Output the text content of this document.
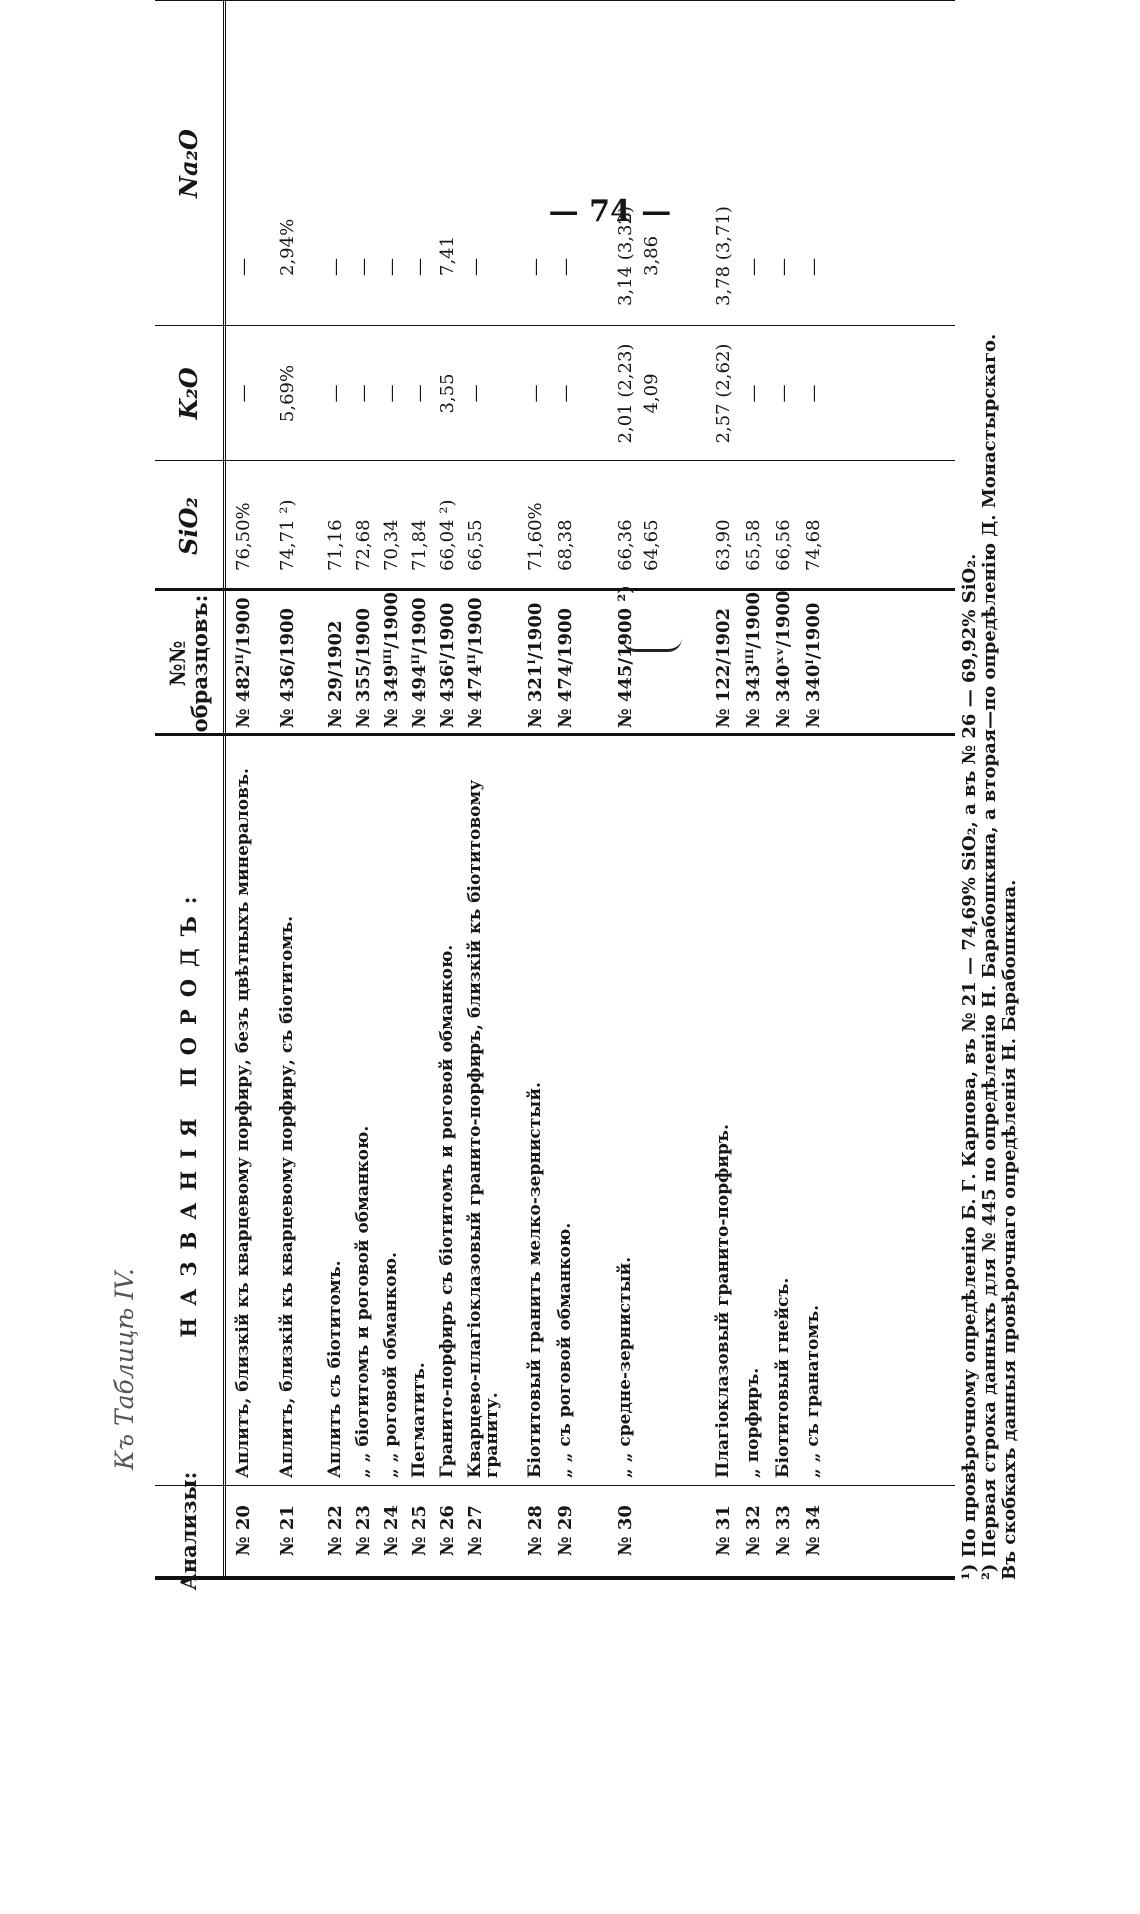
— 74 —
Къ Таблицѣ IV.
Анализы:
НАЗВАНІЯ ПОРОДЪ:
№№
образцовъ:
SiO₂
K₂O
Na₂O
№ 20
Аплитъ, близкій къ кварцевому порфиру, безъ цвѣтныхъ минераловъ.
№ 482ᴵᴵ/1900
76,50%
—
—
№ 21
Аплитъ, близкій къ кварцевому порфиру, съ біотитомъ.
№ 436/1900
74,71 ²)
5,69%
2,94%
№ 22
Аплитъ съ біотитомъ.
№ 29/1902
71,16
—
—
№ 23
„ „ біотитомъ и роговой обманкою.
№ 355/1900
72,68
—
—
№ 24
„ „ роговой обманкою.
№ 349ᴵᴵᴵ/1900
70,34
—
—
№ 25
Пегматитъ.
№ 494ᴵᴵ/1900
71,84
—
—
№ 26
Гранито-порфиръ съ біотитомъ и роговой обманкою.
№ 436ᴵ/1900
66,04 ²)
3,55
7,41
№ 27
Кварцево-плагіоклазовый гранито-порфиръ, близкій къ біотитовому граниту.
№ 474ᴵᴵ/1900
66,55
—
—
№ 28
Біотитовый гранитъ мелко-зернистый.
№ 321ᴵ/1900
71,60%
—
—
№ 29
„ „ съ роговой обманкою.
№ 474/1900
68,38
—
—
№ 30
„ „ средне-зернистый.
№ 445/1900 ²)
66,36 64,65
2,01 (2,23) 4,09
3,14 (3,32) 3,86
№ 31
Плагіоклазовый гранито-порфиръ.
№ 122/1902
63,90
2,57 (2,62)
3,78 (3,71)
№ 32
„ порфиръ.
№ 343ᴵᴵᴵ/1900
65,58
—
—
№ 33
Біотитовый гнейсъ.
№ 340ˣᵛ/1900
66,56
—
—
№ 34
„ „ съ гранатомъ.
№ 340ᴵ/1900
74,68
—
—
¹) По провѣрочному опредѣленію Б. Г. Карпова, въ № 21 — 74,69% SiO₂, а въ № 26 — 69,92% SiO₂. ²) Первая строка данныхъ для № 445 по опредѣленію Н. Барабошкина, а вторая—по опредѣленію Д. Монастырскаго. Въ скобкахъ данныя провѣрочнаго опредѣленія Н. Барабошкина.
